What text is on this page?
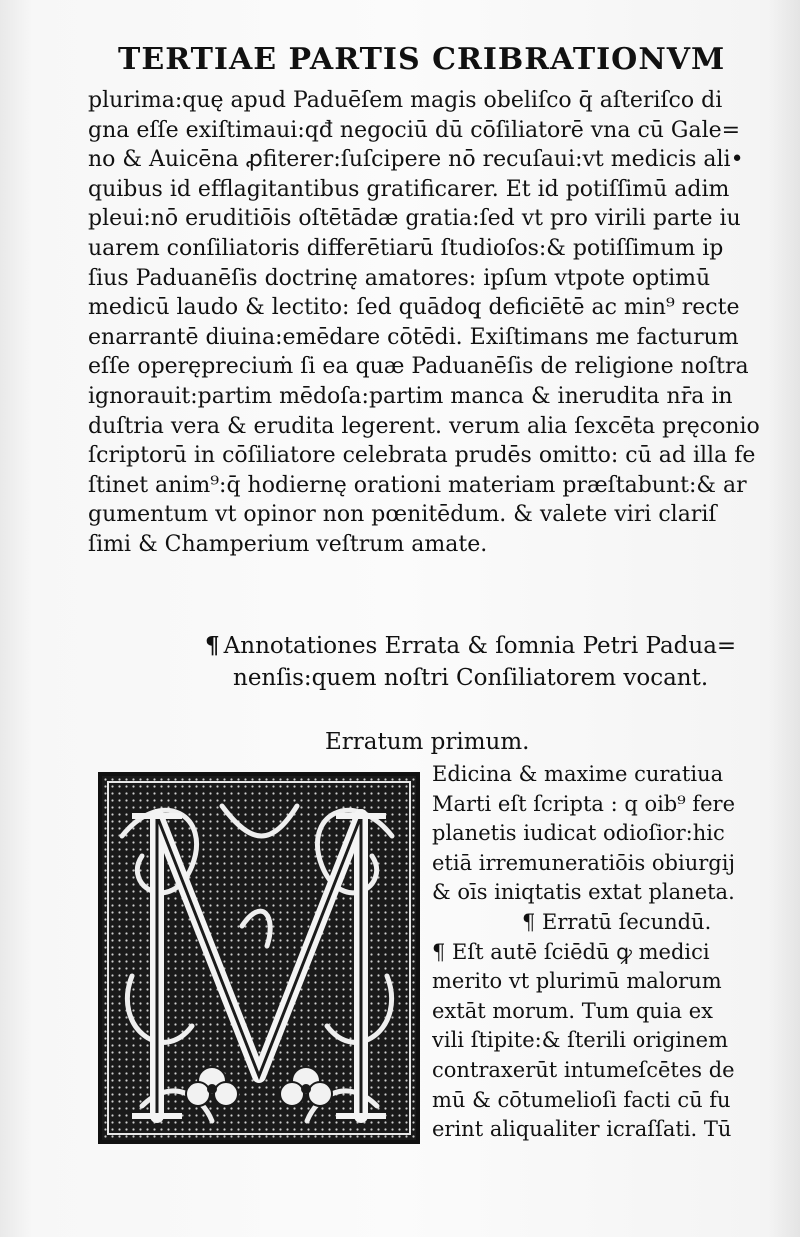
TERTIAE PARTIS CRIBRATIONVM
plurima:quę apud Paduēſem magis obeliſco q̄ aſteriſco di
gna eſſe exiſtimaui:qđ negociū dū cōſiliatorē vna cū Gale=
no & Auicēna ꝓfiterer:ſuſcipere nō recuſaui:vt medicis ali•
quibus id efflagitantibus gratificarer. Et id potiſſimū adim
pleui:nō eruditiōis oſtētādæ gratia:ſed vt pro virili parte iu
uarem conſiliatoris differētiarū ſtudioſos:& potiſſimum ip
ſius Paduanēſis doctrinę amatores: ipſum vtpote optimū
medicū laudo & lectito: ſed quādoq̧ deficiētē ac min⁹ recte
enarrantē diuina:emēdare cōtēdi. Exiſtimans me facturum
eſſe operępreciuṁ ſi ea quæ Paduanēſis de religione noſtra
ignorauit:partim mēdoſa:partim manca & inerudita nr̄a in
duſtria vera & erudita legerent. verum alia ſexcēta pręconio
ſcriptorū in cōſiliatore celebrata prudēs omitto: cū ad illa fe
ſtinet anim⁹:q̄ hodiernę orationi materiam præſtabunt:& ar
gumentum vt opinor non pœnitēdum. & valete viri clariſ
ſimi & Champerium veſtrum amate.
¶ Annotationes Errata & ſomnia Petri Padua=
nenſis:quem noſtri Conſiliatorem vocant.
Erratum primum.
Edicina & maxime curatiua
Marti eſt ſcripta : q oib⁹ fere
planetis iudicat odioſior:hic
etiā irremuneratiōis obiurgij
& oīs iniqtatis extat planeta.
¶ Erratū ſecundū.
¶ Eſt autē ſciēdū ꝙ medici
merito vt plurimū malorum
extāt morum. Tum quia ex
vili ſtipite:& ſterili originem
contraxerūt intumeſcētes de
mū & cōtumelioſi facti cū fu
erint aliqualiter icraſſati. Tū
